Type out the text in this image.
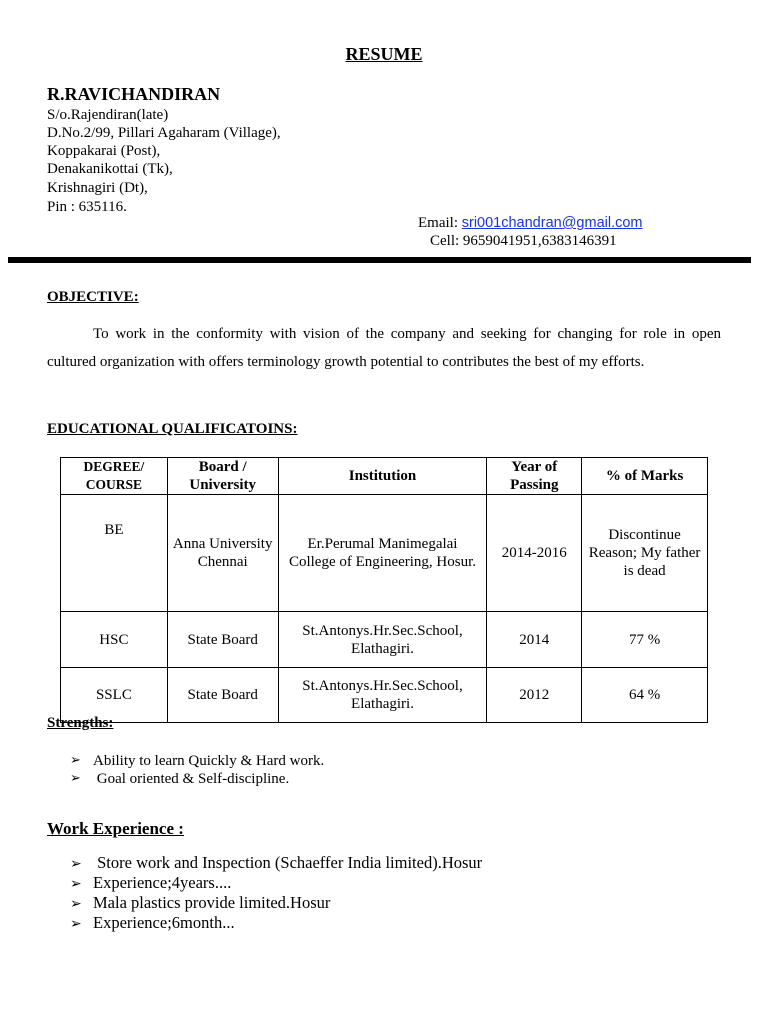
RESUME
R.RAVICHANDIRAN
S/o.Rajendiran(late)
D.No.2/99, Pillari Agaharam (Village),
Koppakarai (Post),
Denakanikottai (Tk),
Krishnagiri (Dt),
Pin : 635116.
Email: sri001chandran@gmail.com
Cell: 9659041951,6383146391
OBJECTIVE:
To work in the conformity with vision of the company and seeking for changing for role in open cultured organization with offers terminology growth potential to contributes the best of my efforts.
EDUCATIONAL QUALIFICATOINS:
DEGREE/ COURSE	Board / University	Institution	Year of Passing	% of Marks
BE	Anna University Chennai	Er.Perumal Manimegalai College of Engineering, Hosur.	2014-2016	Discontinue Reason; My father is dead
HSC	State Board	St.Antonys.Hr.Sec.School, Elathagiri.	2014	77 %
SSLC	State Board	St.Antonys.Hr.Sec.School, Elathagiri.	2012	64 %
Strengths:
➢ Ability to learn Quickly & Hard work.
➢ Goal oriented & Self-discipline.
Work Experience :
➢ Store work and Inspection (Schaeffer India limited).Hosur
➢ Experience;4years....
➢ Mala plastics provide limited.Hosur
➢ Experience;6month...
